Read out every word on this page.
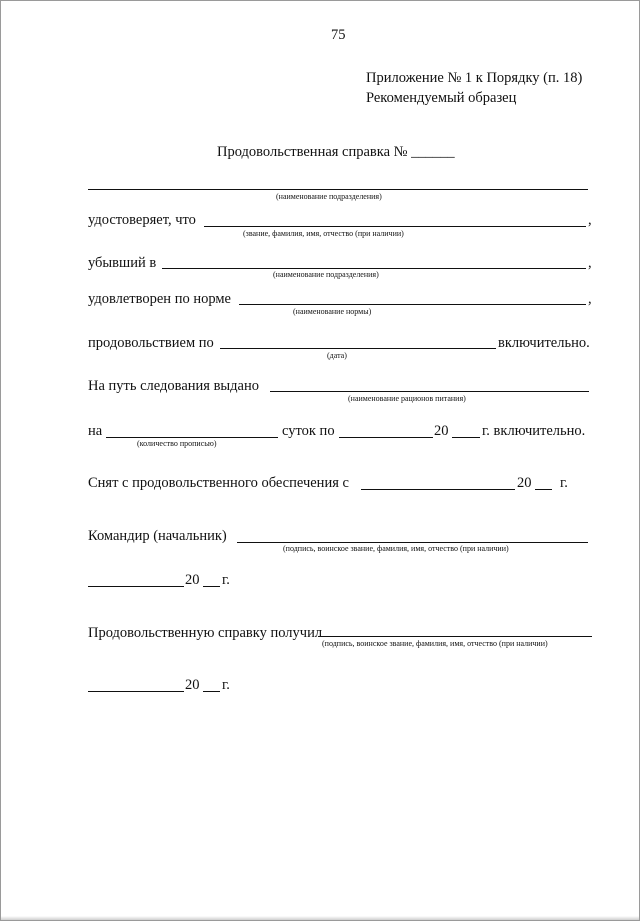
75
Приложение № 1 к Порядку (п. 18)
Рекомендуемый образец
Продовольственная справка № ______
(наименование подразделения)
удостоверяет, что	,
(звание, фамилия, имя, отчество (при наличии)
убывший в	,
(наименование подразделения)
удовлетворен по норме	,
(наименование нормы)
продовольствием по	включительно.
(дата)
На путь следования выдано
(наименование рационов питания)
на
(количество прописью)
суток по	20 г. включительно.
Снят с продовольственного обеспечения с	20 г.
Командир (начальник)
(подпись, воинское звание, фамилия, имя, отчество (при наличии)
20 г.
Продовольственную справку получил
(подпись, воинское звание, фамилия, имя, отчество (при наличии)
20 г.
